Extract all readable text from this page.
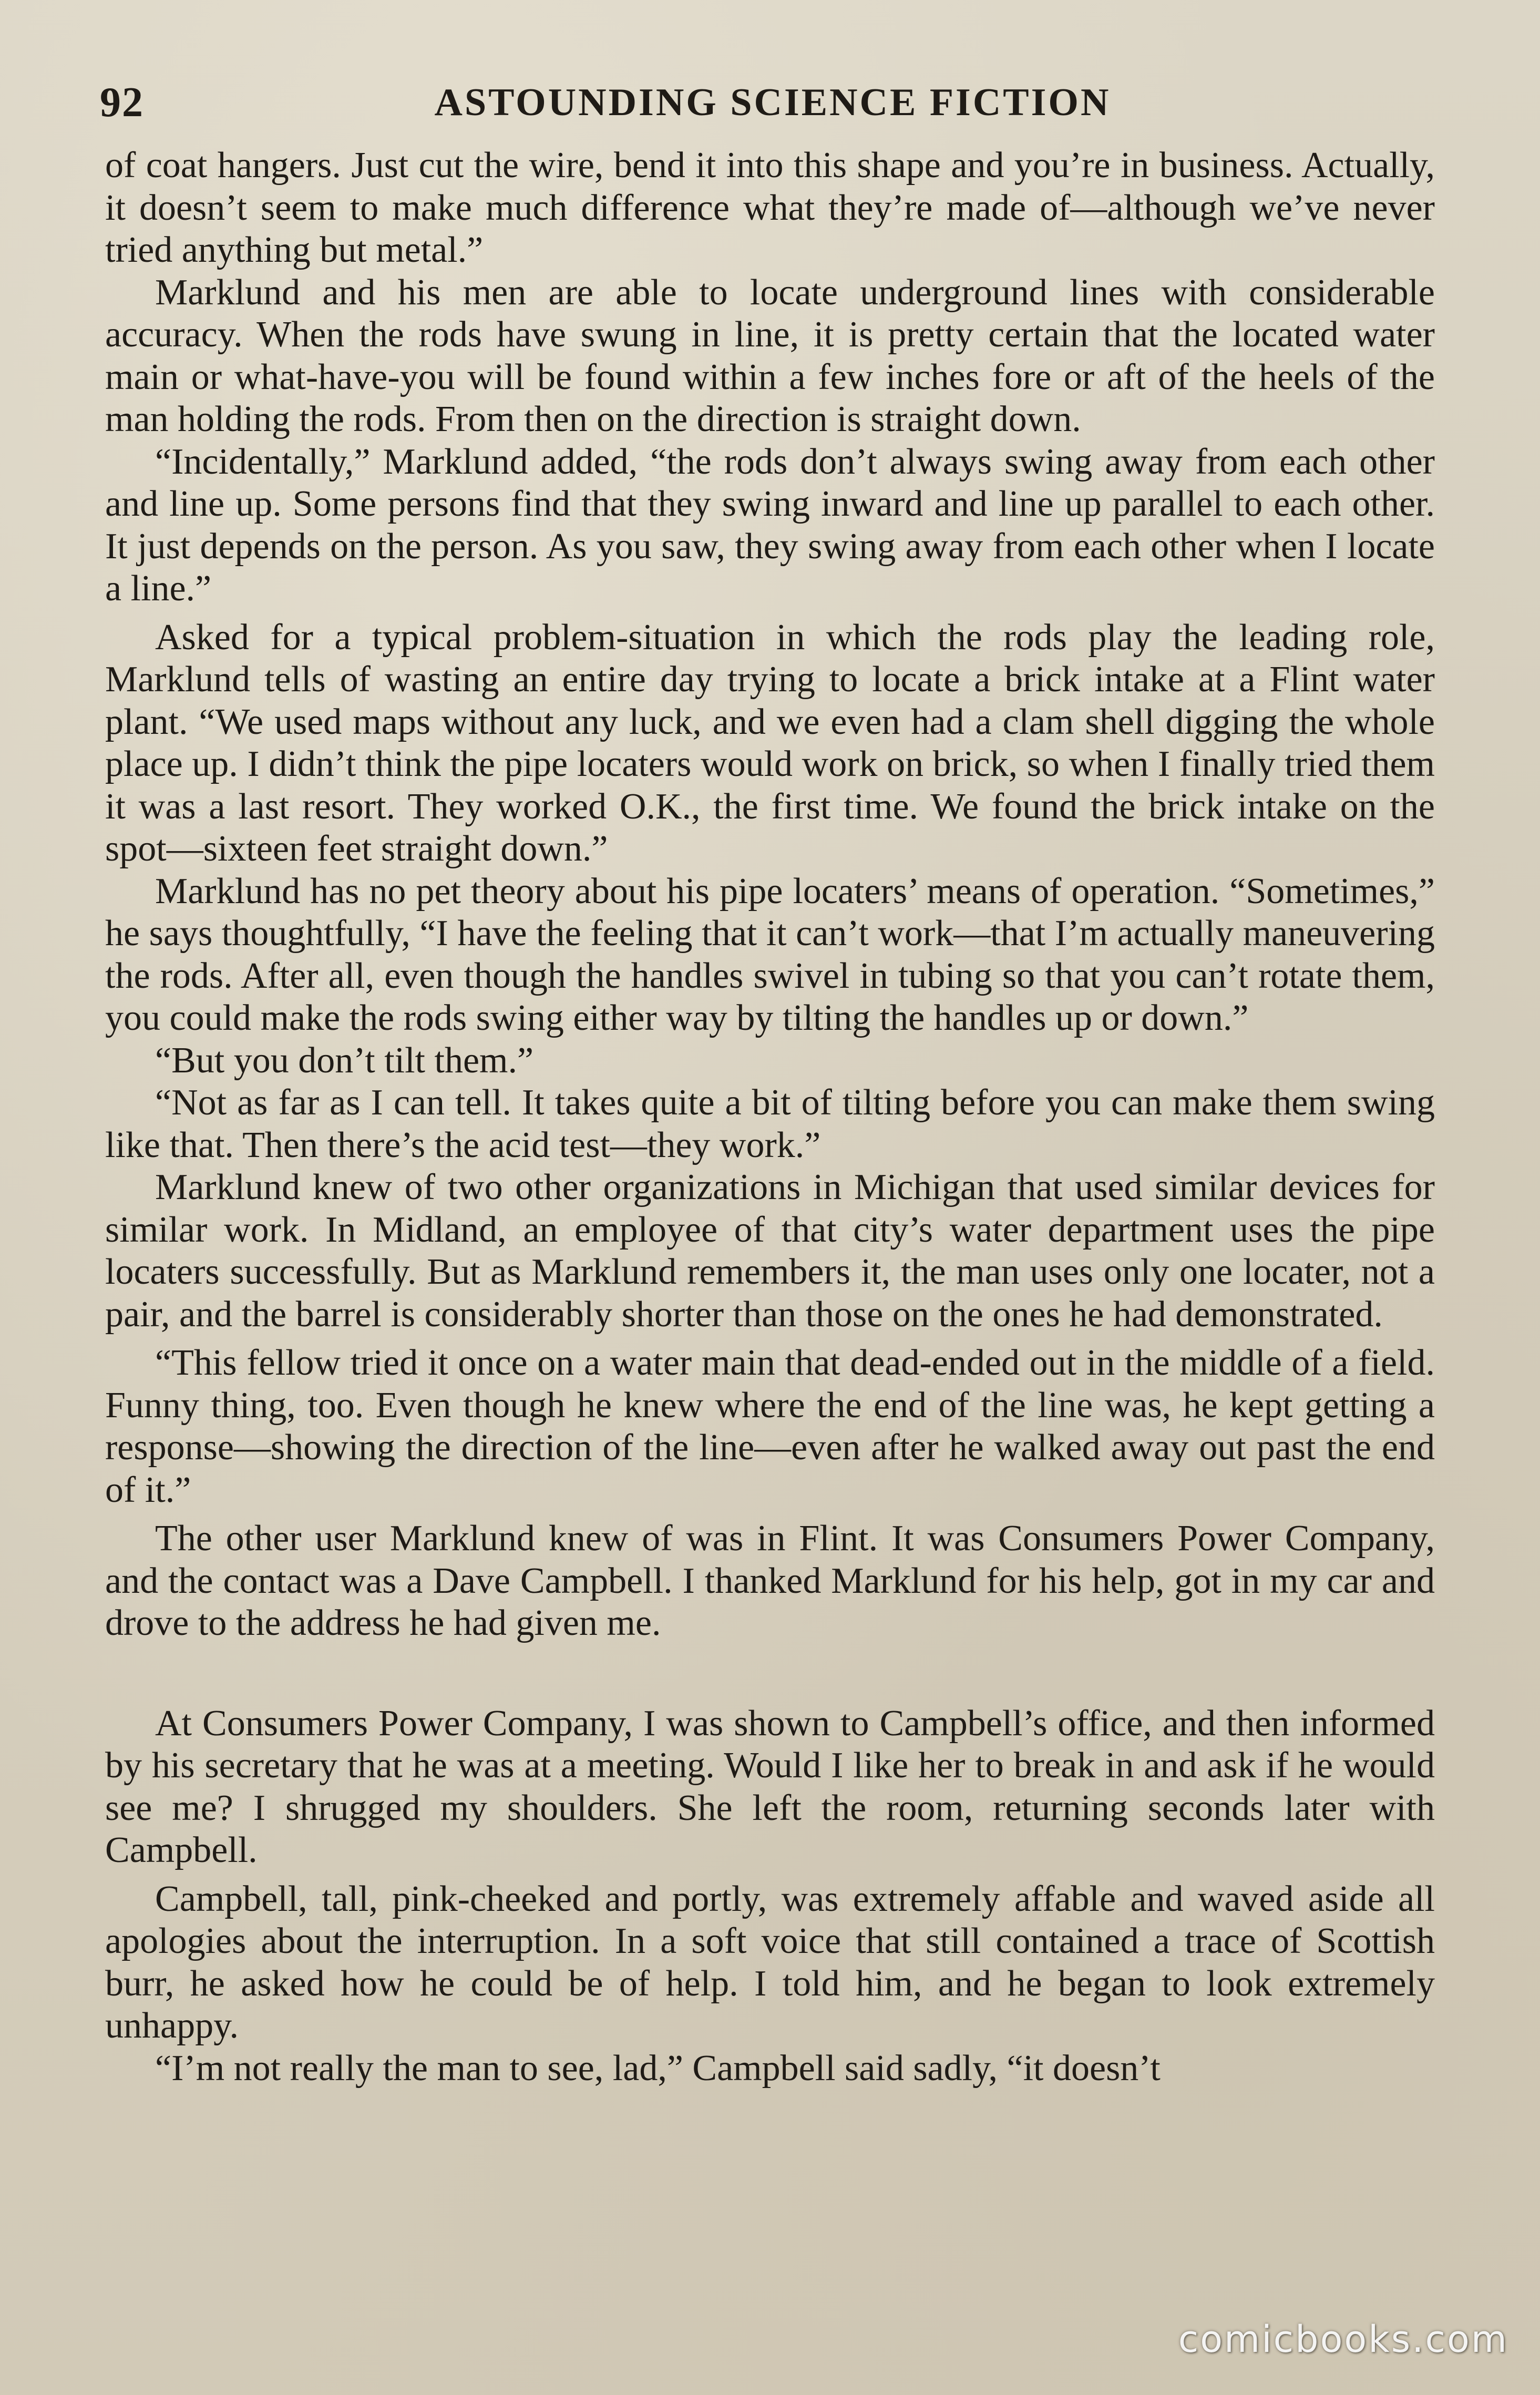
92	ASTOUNDING SCIENCE FICTION

of coat hangers. Just cut the wire, bend it into this shape and you’re in business. Actually, it doesn’t seem to make much difference what they’re made of—although we’ve never tried anything but metal.”

Marklund and his men are able to locate underground lines with considerable accuracy. When the rods have swung in line, it is pretty certain that the located water main or what-have-you will be found within a few inches fore or aft of the heels of the man holding the rods. From then on the direction is straight down.

“Incidentally,” Marklund added, “the rods don’t always swing away from each other and line up. Some persons find that they swing inward and line up parallel to each other. It just depends on the person. As you saw, they swing away from each other when I locate a line.”

Asked for a typical problem-situation in which the rods play the leading role, Marklund tells of wasting an entire day trying to locate a brick intake at a Flint water plant. “We used maps without any luck, and we even had a clam shell digging the whole place up. I didn’t think the pipe locaters would work on brick, so when I finally tried them it was a last resort. They worked O.K., the first time. We found the brick intake on the spot—sixteen feet straight down.”

Marklund has no pet theory about his pipe locaters’ means of operation. “Sometimes,” he says thoughtfully, “I have the feeling that it can’t work—that I’m actually maneuvering the rods. After all, even though the handles swivel in tubing so that you can’t rotate them, you could make the rods swing either way by tilting the handles up or down.”

“But you don’t tilt them.”

“Not as far as I can tell. It takes quite a bit of tilting before you can make them swing like that. Then there’s the acid test—they work.”

Marklund knew of two other organizations in Michigan that used similar devices for similar work. In Midland, an employee of that city’s water department uses the pipe locaters successfully. But as Marklund remembers it, the man uses only one locater, not a pair, and the barrel is considerably shorter than those on the ones he had demonstrated.

“This fellow tried it once on a water main that dead-ended out in the middle of a field. Funny thing, too. Even though he knew where the end of the line was, he kept getting a response—showing the direction of the line—even after he walked away out past the end of it.”

The other user Marklund knew of was in Flint. It was Consumers Power Company, and the contact was a Dave Campbell. I thanked Marklund for his help, got in my car and drove to the address he had given me.

At Consumers Power Company, I was shown to Campbell’s office, and then informed by his secretary that he was at a meeting. Would I like her to break in and ask if he would see me? I shrugged my shoulders. She left the room, returning seconds later with Campbell.

Campbell, tall, pink-cheeked and portly, was extremely affable and waved aside all apologies about the interruption. In a soft voice that still contained a trace of Scottish burr, he asked how he could be of help. I told him, and he began to look extremely unhappy.

“I’m not really the man to see, lad,” Campbell said sadly, “it doesn’t

comicbooks.com
